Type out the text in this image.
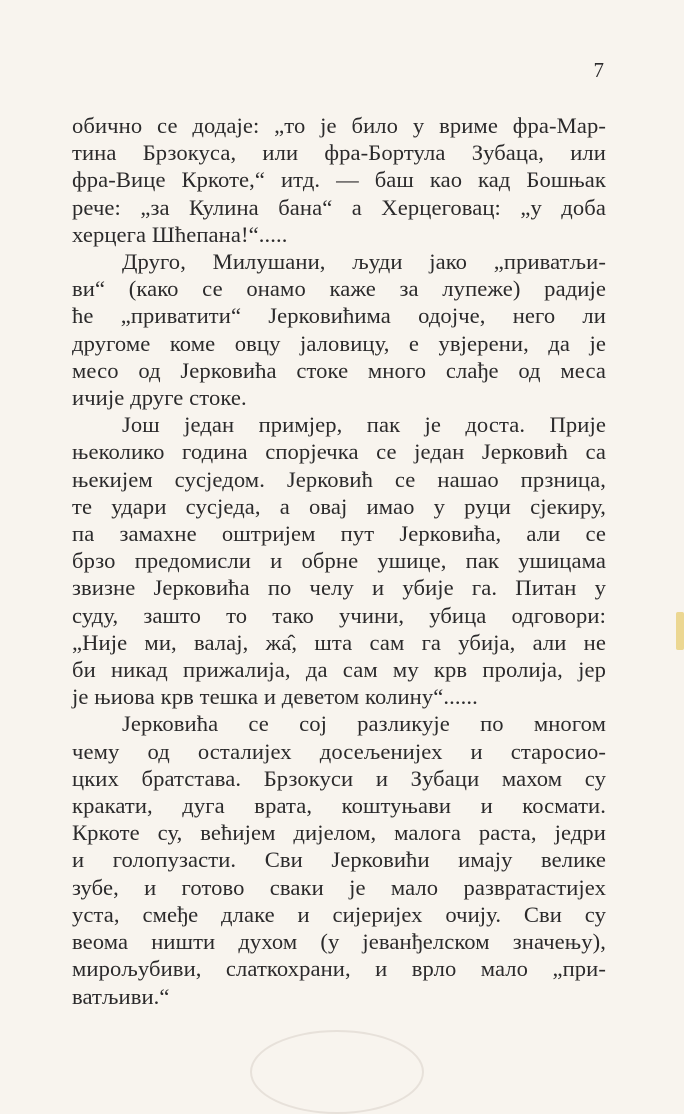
7

обично се додаје: „то је било у вриме фра-Мар-
тина Брзокуса, или фра-Бортула Зубаца, или
фра-Вице Кркоте,“ итд. — баш као кад Бошњак
рече: „за Кулина бана“ а Херцеговац: „у доба
херцега Шћепана!“.....

Друго, Милушани, људи јако „приватљи-
ви“ (како се онамо каже за лупеже) радије
ће „приватити“ Јерковићима одојче, него ли
другоме коме овцу јаловицу, е увјерени, да је
месо од Јерковића стоке много слађе од меса
ичије друге стоке.

Још један примјер, пак је доста. Прије
њеколико година спорјечка се један Јерковић са
њекијем сусједом. Јерковић се нашао прзница,
те удари сусједа, а овај имао у руци сјекиру,
па замахне оштријем пут Јерковића, али се
брзо предомисли и обрне ушице, пак ушицама
звизне Јерковића по челу и убије га. Питан у
суду, зашто то тако учини, убица одговори:
„Није ми, валај, жа̂, шта сам га убија, али не
би никад прижалија, да сам му крв пролија, јер
је њиова крв тешка и деветом колину“......

Јерковића се сој разликује по многом
чему од осталијех досељенијех и старосио-
цких братстава. Брзокуси и Зубаци махом су
кракати, дуга врата, коштуњави и космати.
Кркоте су, већијем дијелом, малога раста, једри
и голопузасти. Сви Јерковићи имају велике
зубе, и готово сваки је мало развратастијех
уста, смеђе длаке и сијеријех очију. Сви су
веома ништи духом (у јеванђелском значењу),
мирољубиви, слаткохрани, и врло мало „при-
ватљиви.“
